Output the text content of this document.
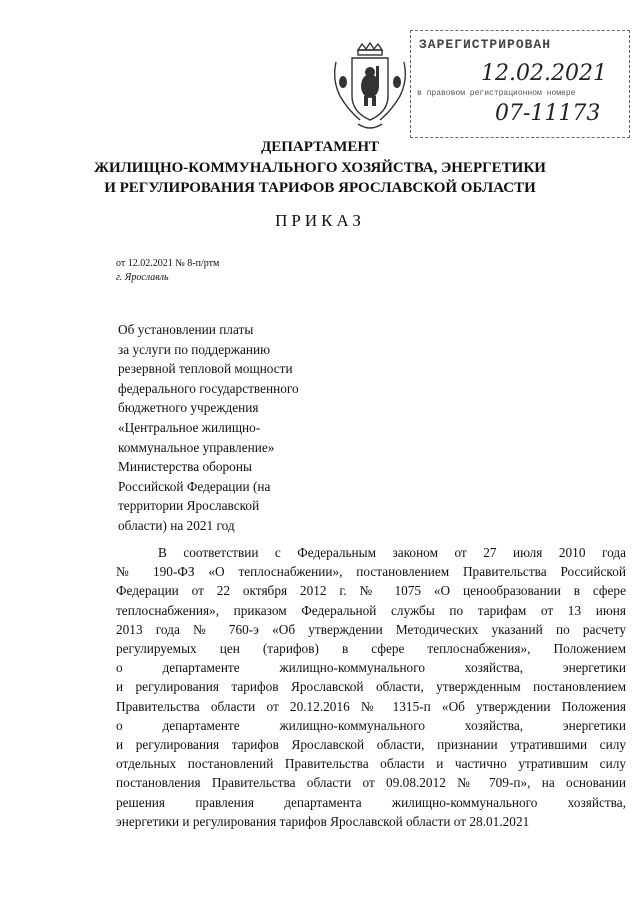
ЗАРЕГИСТРИРОВАН
12.02.2021
в правовом регистрационном номере
07-11173
ДЕПАРТАМЕНТ
ЖИЛИЩНО-КОММУНАЛЬНОГО ХОЗЯЙСТВА, ЭНЕРГЕТИКИ
И РЕГУЛИРОВАНИЯ ТАРИФОВ ЯРОСЛАВСКОЙ ОБЛАСТИ
ПРИКАЗ
от 12.02.2021 № 8-п/ртм
г. Ярославль
Об установлении платы
за услуги по поддержанию
резервной тепловой мощности
федерального государственного
бюджетного учреждения
«Центральное жилищно-
коммунальное управление»
Министерства обороны
Российской Федерации (на
территории Ярославской
области) на 2021 год
В соответствии с Федеральным законом от 27 июля 2010 года
№ 190-ФЗ «О теплоснабжении», постановлением Правительства Российской
Федерации от 22 октября 2012 г. № 1075 «О ценообразовании в сфере
теплоснабжения», приказом Федеральной службы по тарифам от 13 июня
2013 года № 760-э «Об утверждении Методических указаний по расчету
регулируемых цен (тарифов) в сфере теплоснабжения», Положением
о департаменте жилищно-коммунального хозяйства, энергетики
и регулирования тарифов Ярославской области, утвержденным постановлением
Правительства области от 20.12.2016 № 1315-п «Об утверждении Положения
о департаменте жилищно-коммунального хозяйства, энергетики
и регулирования тарифов Ярославской области, признании утратившими силу
отдельных постановлений Правительства области и частично утратившим силу
постановления Правительства области от 09.08.2012 № 709-п», на основании
решения правления департамента жилищно-коммунального хозяйства,
энергетики и регулирования тарифов Ярославской области от 28.01.2021
